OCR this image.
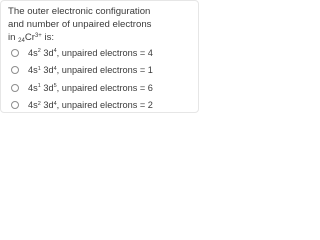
The outer electronic configuration
and number of unpaired electrons
in $_{24}Cr^{3+}$ is:
$4s^2$ $3d^4$, unpaired electrons = 4
$4s^1$ $3d^4$, unpaired electrons = 1
$4s^1$ $3d^5$, unpaired electrons = 6
$4s^2$ $3d^4$, unpaired electrons = 2
